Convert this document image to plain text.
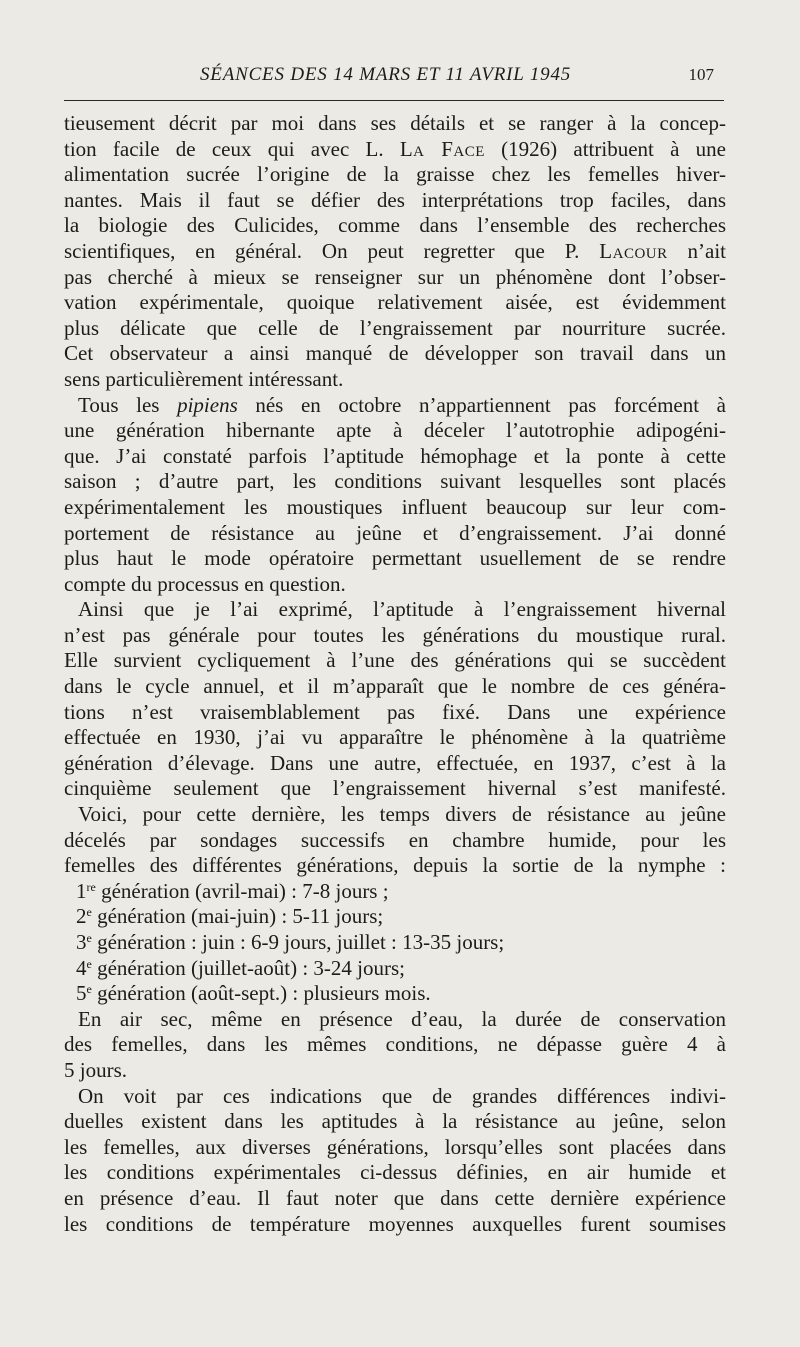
SÉANCES DES 14 MARS ET 11 AVRIL 1945	107
tieusement décrit par moi dans ses détails et se ranger à la concep-
tion facile de ceux qui avec L. La Face (1926) attribuent à une
alimentation sucrée l’origine de la graisse chez les femelles hiver-
nantes. Mais il faut se défier des interprétations trop faciles, dans
la biologie des Culicides, comme dans l’ensemble des recherches
scientifiques, en général. On peut regretter que P. Lacour n’ait
pas cherché à mieux se renseigner sur un phénomène dont l’obser-
vation expérimentale, quoique relativement aisée, est évidemment
plus délicate que celle de l’engraissement par nourriture sucrée.
Cet observateur a ainsi manqué de développer son travail dans un
sens particulièrement intéressant.
Tous les pipiens nés en octobre n’appartiennent pas forcément à
une génération hibernante apte à déceler l’autotrophie adipogéni-
que. J’ai constaté parfois l’aptitude hémophage et la ponte à cette
saison ; d’autre part, les conditions suivant lesquelles sont placés
expérimentalement les moustiques influent beaucoup sur leur com-
portement de résistance au jeûne et d’engraissement. J’ai donné
plus haut le mode opératoire permettant usuellement de se rendre
compte du processus en question.
Ainsi que je l’ai exprimé, l’aptitude à l’engraissement hivernal
n’est pas générale pour toutes les générations du moustique rural.
Elle survient cycliquement à l’une des générations qui se succèdent
dans le cycle annuel, et il m’apparaît que le nombre de ces généra-
tions n’est vraisemblablement pas fixé. Dans une expérience
effectuée en 1930, j’ai vu apparaître le phénomène à la quatrième
génération d’élevage. Dans une autre, effectuée, en 1937, c’est à la
cinquième seulement que l’engraissement hivernal s’est manifesté.
Voici, pour cette dernière, les temps divers de résistance au jeûne
décelés par sondages successifs en chambre humide, pour les
femelles des différentes générations, depuis la sortie de la nymphe :
1re génération (avril-mai) : 7-8 jours ;
2e génération (mai-juin) : 5-11 jours;
3e génération : juin : 6-9 jours, juillet : 13-35 jours;
4e génération (juillet-août) : 3-24 jours;
5e génération (août-sept.) : plusieurs mois.
En air sec, même en présence d’eau, la durée de conservation
des femelles, dans les mêmes conditions, ne dépasse guère 4 à
5 jours.
On voit par ces indications que de grandes différences indivi-
duelles existent dans les aptitudes à la résistance au jeûne, selon
les femelles, aux diverses générations, lorsqu’elles sont placées dans
les conditions expérimentales ci-dessus définies, en air humide et
en présence d’eau. Il faut noter que dans cette dernière expérience
les conditions de température moyennes auxquelles furent soumises
